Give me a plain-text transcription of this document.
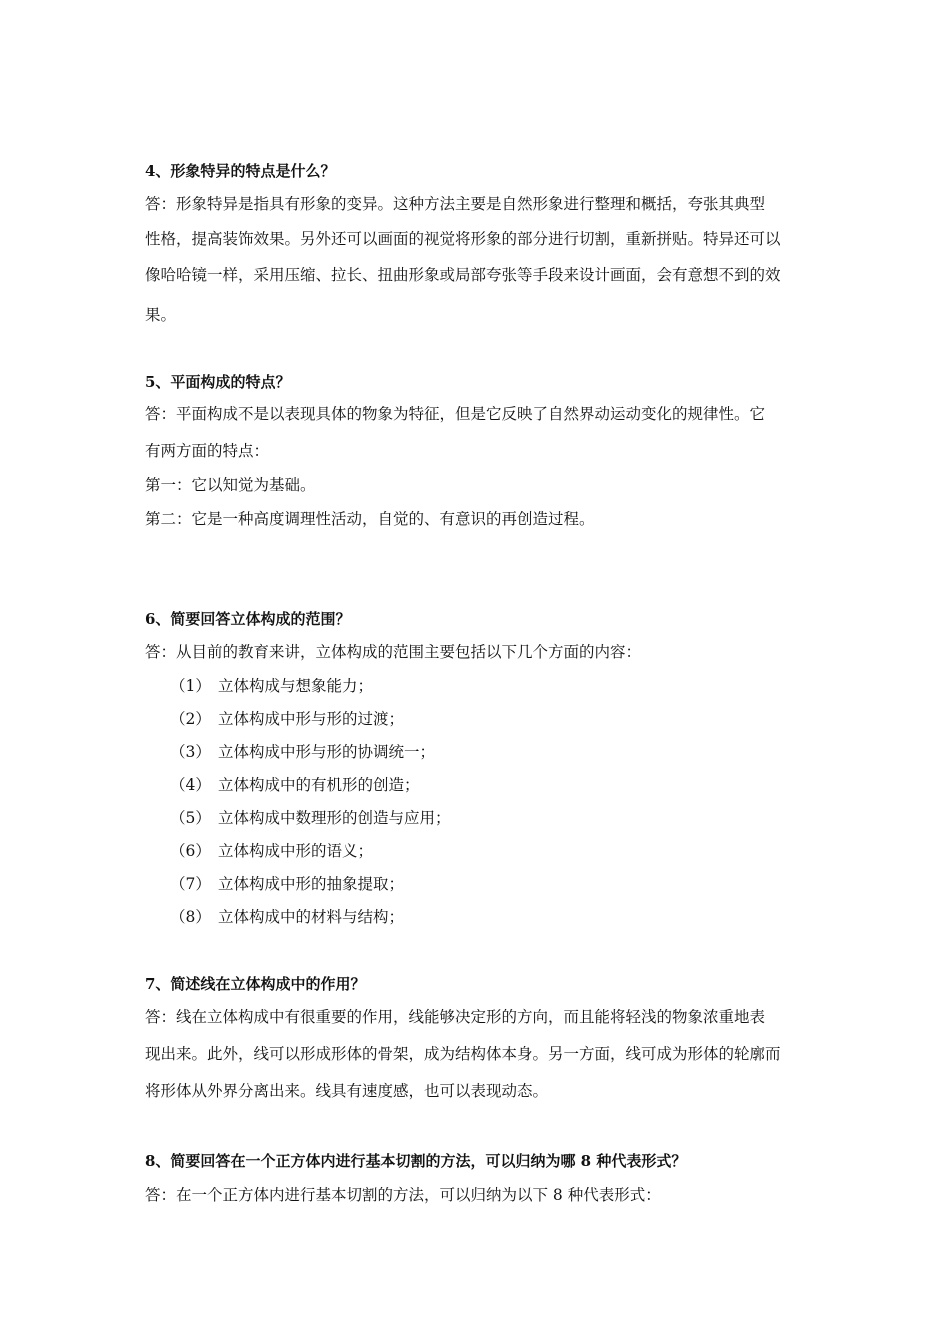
4、形象特异的特点是什么？
答：形象特异是指具有形象的变异。这种方法主要是自然形象进行整理和概括，夸张其典型
性格，提高装饰效果。另外还可以画面的视觉将形象的部分进行切割，重新拼贴。特异还可以
像哈哈镜一样，采用压缩、拉长、扭曲形象或局部夸张等手段来设计画面，会有意想不到的效
果。
5、平面构成的特点？
答：平面构成不是以表现具体的物象为特征，但是它反映了自然界动运动变化的规律性。它
有两方面的特点：
第一：它以知觉为基础。
第二：它是一种高度调理性活动，自觉的、有意识的再创造过程。
6、简要回答立体构成的范围？
答：从目前的教育来讲，立体构成的范围主要包括以下几个方面的内容：
（1） 立体构成与想象能力；
（2） 立体构成中形与形的过渡；
（3） 立体构成中形与形的协调统一；
（4） 立体构成中的有机形的创造；
（5） 立体构成中数理形的创造与应用；
（6） 立体构成中形的语义；
（7） 立体构成中形的抽象提取；
（8） 立体构成中的材料与结构；
7、简述线在立体构成中的作用？
答：线在立体构成中有很重要的作用，线能够决定形的方向，而且能将轻浅的物象浓重地表
现出来。此外，线可以形成形体的骨架，成为结构体本身。另一方面，线可成为形体的轮廓而
将形体从外界分离出来。线具有速度感，也可以表现动态。
8、简要回答在一个正方体内进行基本切割的方法，可以归纳为哪 8 种代表形式？
答：在一个正方体内进行基本切割的方法，可以归纳为以下 8 种代表形式：
